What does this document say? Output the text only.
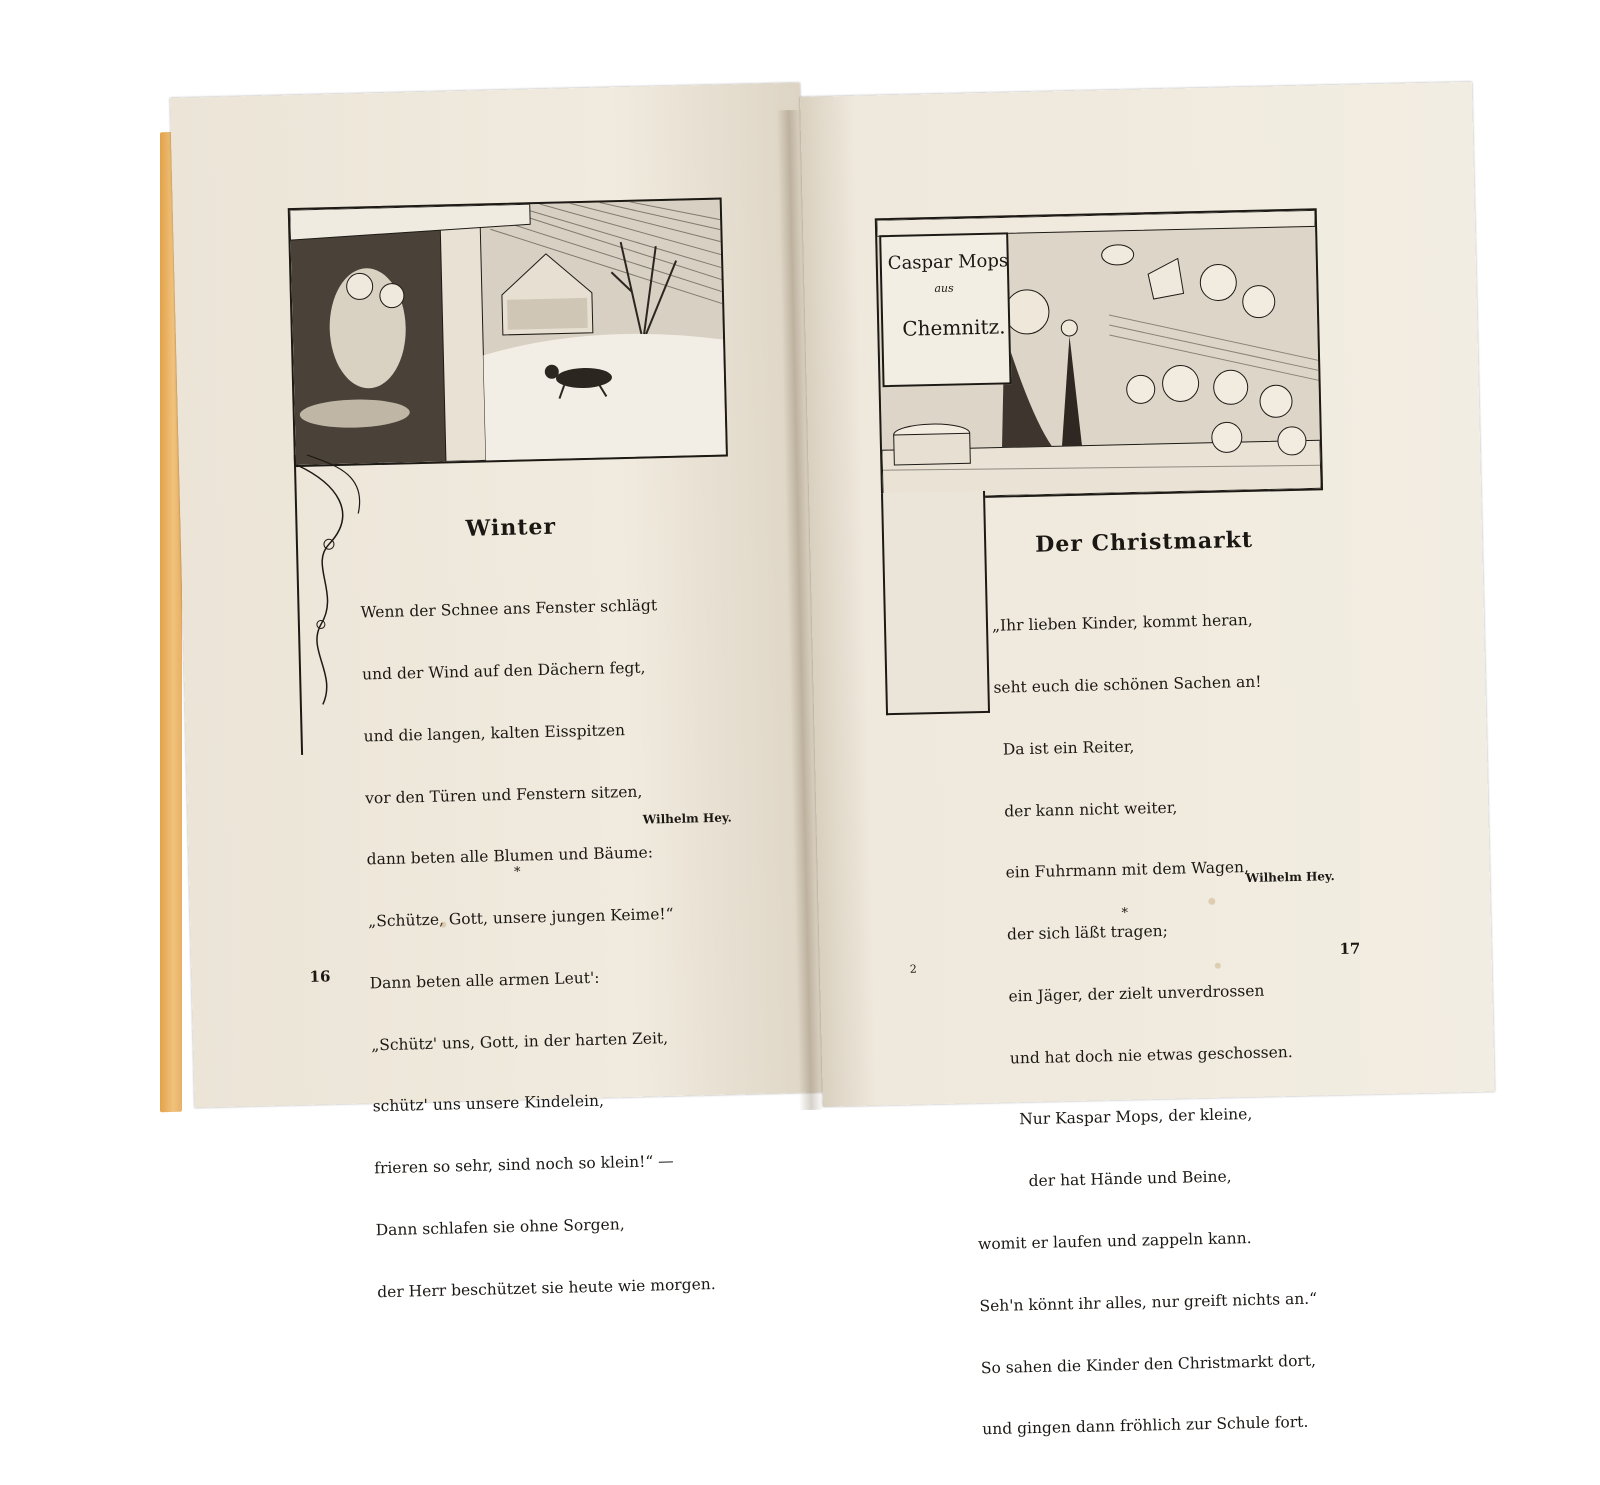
Winter

Wenn der Schnee ans Fenster schlägt

und der Wind auf den Dächern fegt,

und die langen, kalten Eisspitzen

vor den Türen und Fenstern sitzen,

dann beten alle Blumen und Bäume:

„Schütze, Gott, unsere jungen Keime!“

Dann beten alle armen Leut':

„Schütz' uns, Gott, in der harten Zeit,

schütz' uns unsere Kindelein,

frieren so sehr, sind noch so klein!“ —

Dann schlafen sie ohne Sorgen,

der Herr beschützet sie heute wie morgen.

Wilhelm Hey.
*
16
Caspar Mops
aus
Chemnitz.
Der Christmarkt

„Ihr lieben Kinder, kommt heran,

seht euch die schönen Sachen an!

Da ist ein Reiter,

der kann nicht weiter,

ein Fuhrmann mit dem Wagen,

der sich läßt tragen;

ein Jäger, der zielt unverdrossen

und hat doch nie etwas geschossen.

Nur Kaspar Mops, der kleine,

der hat Hände und Beine,

womit er laufen und zappeln kann.

Seh'n könnt ihr alles, nur greift nichts an.“

So sahen die Kinder den Christmarkt dort,

und gingen dann fröhlich zur Schule fort.

Wilhelm Hey.
*
2
17
